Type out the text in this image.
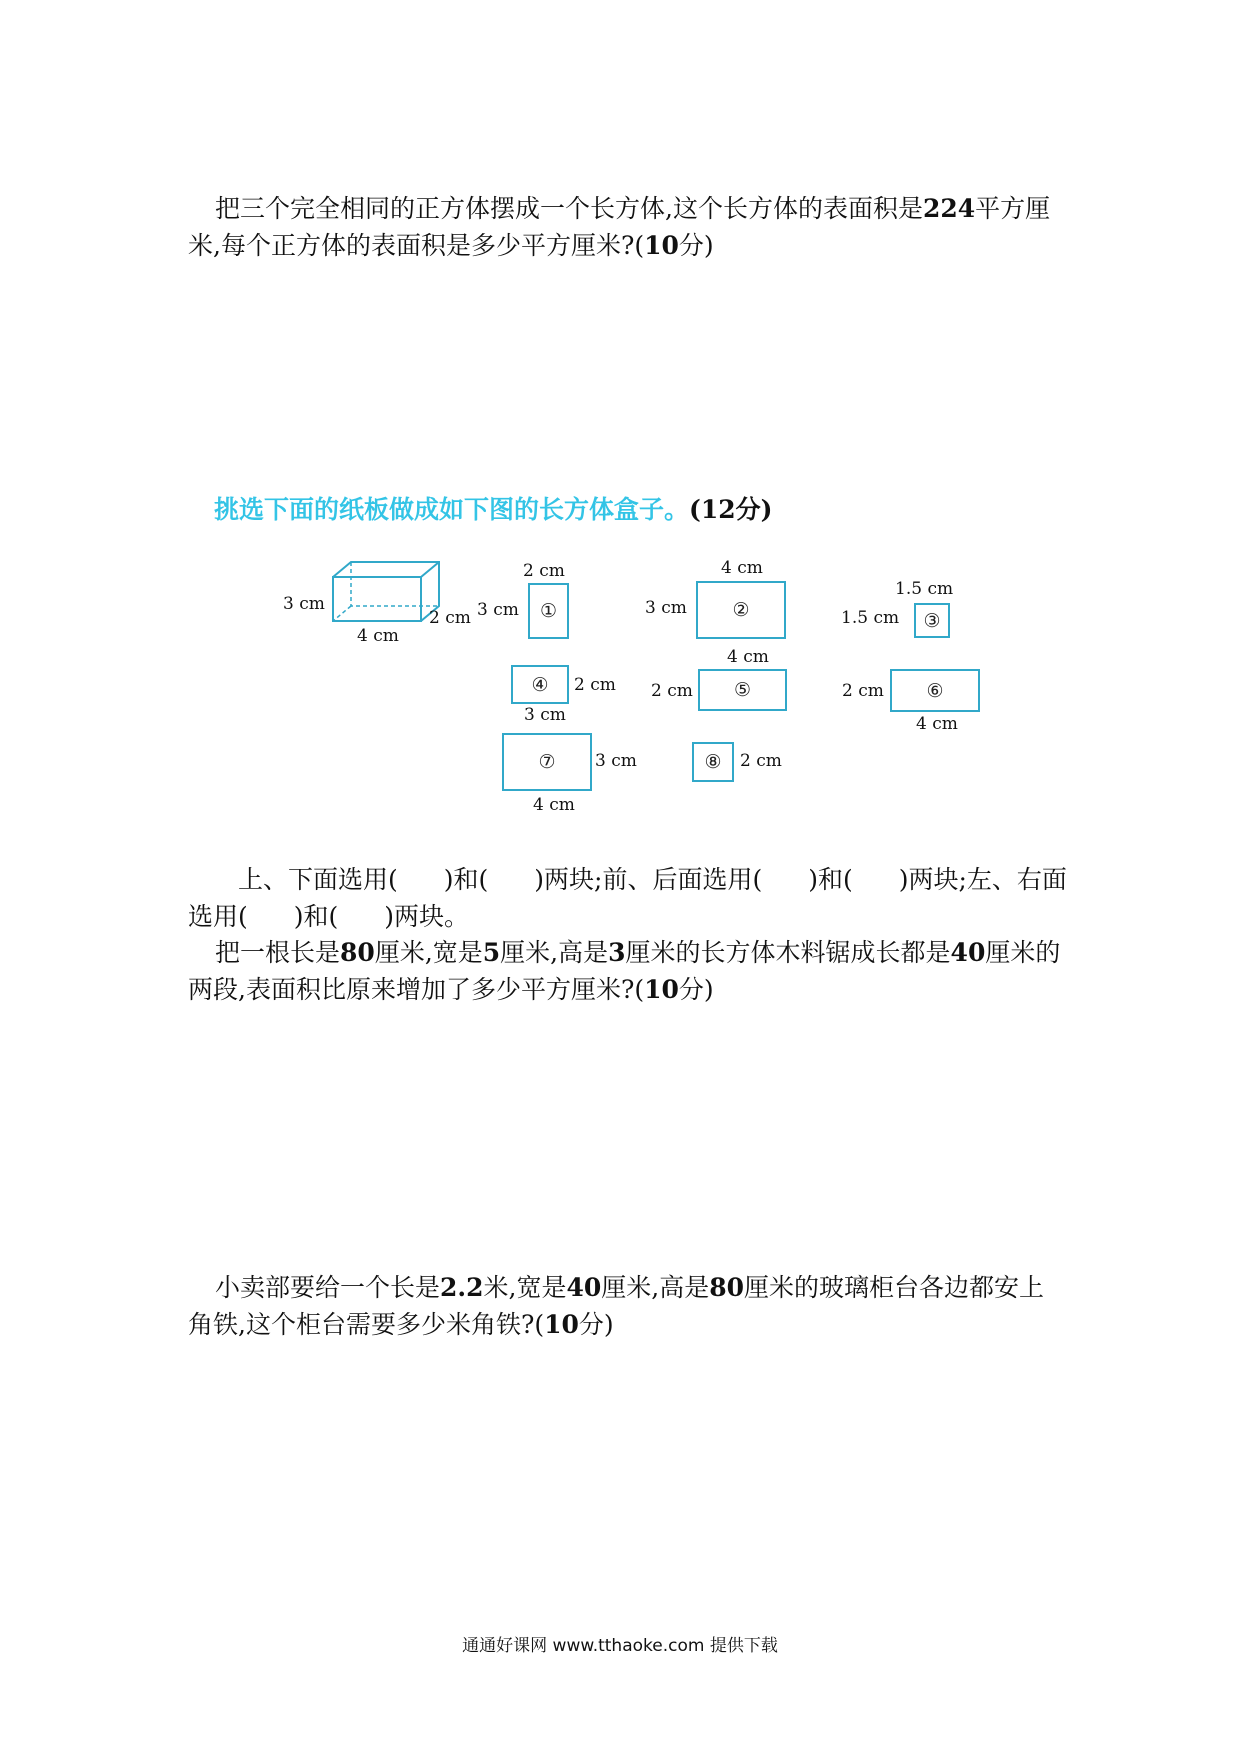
把三个完全相同的正方体摆成一个长方体,这个长方体的表面积是224平方厘米,每个正方体的表面积是多少平方厘米?(10分)

挑选下面的纸板做成如下图的长方体盒子。(12分)
3 cm
2 cm
4 cm
①
2 cm
3 cm	②
4 cm
3 cm
③
1.5 cm
1.5 cm
④ 2 cm
3 cm
⑤
4 cm
2 cm	⑥
2 cm
4 cm
⑦ 3 cm
4 cm
⑧ 2 cm

上、下面选用( )和( )两块;前、后面选用( )和( )两块;左、右面选用( )和( )两块。

把一根长是80厘米,宽是5厘米,高是3厘米的长方体木料锯成长都是40厘米的两段,表面积比原来增加了多少平方厘米?(10分)

小卖部要给一个长是2.2米,宽是40厘米,高是80厘米的玻璃柜台各边都安上角铁,这个柜台需要多少米角铁?(10分)

通通好课网 www.tthaoke.com 提供下载
